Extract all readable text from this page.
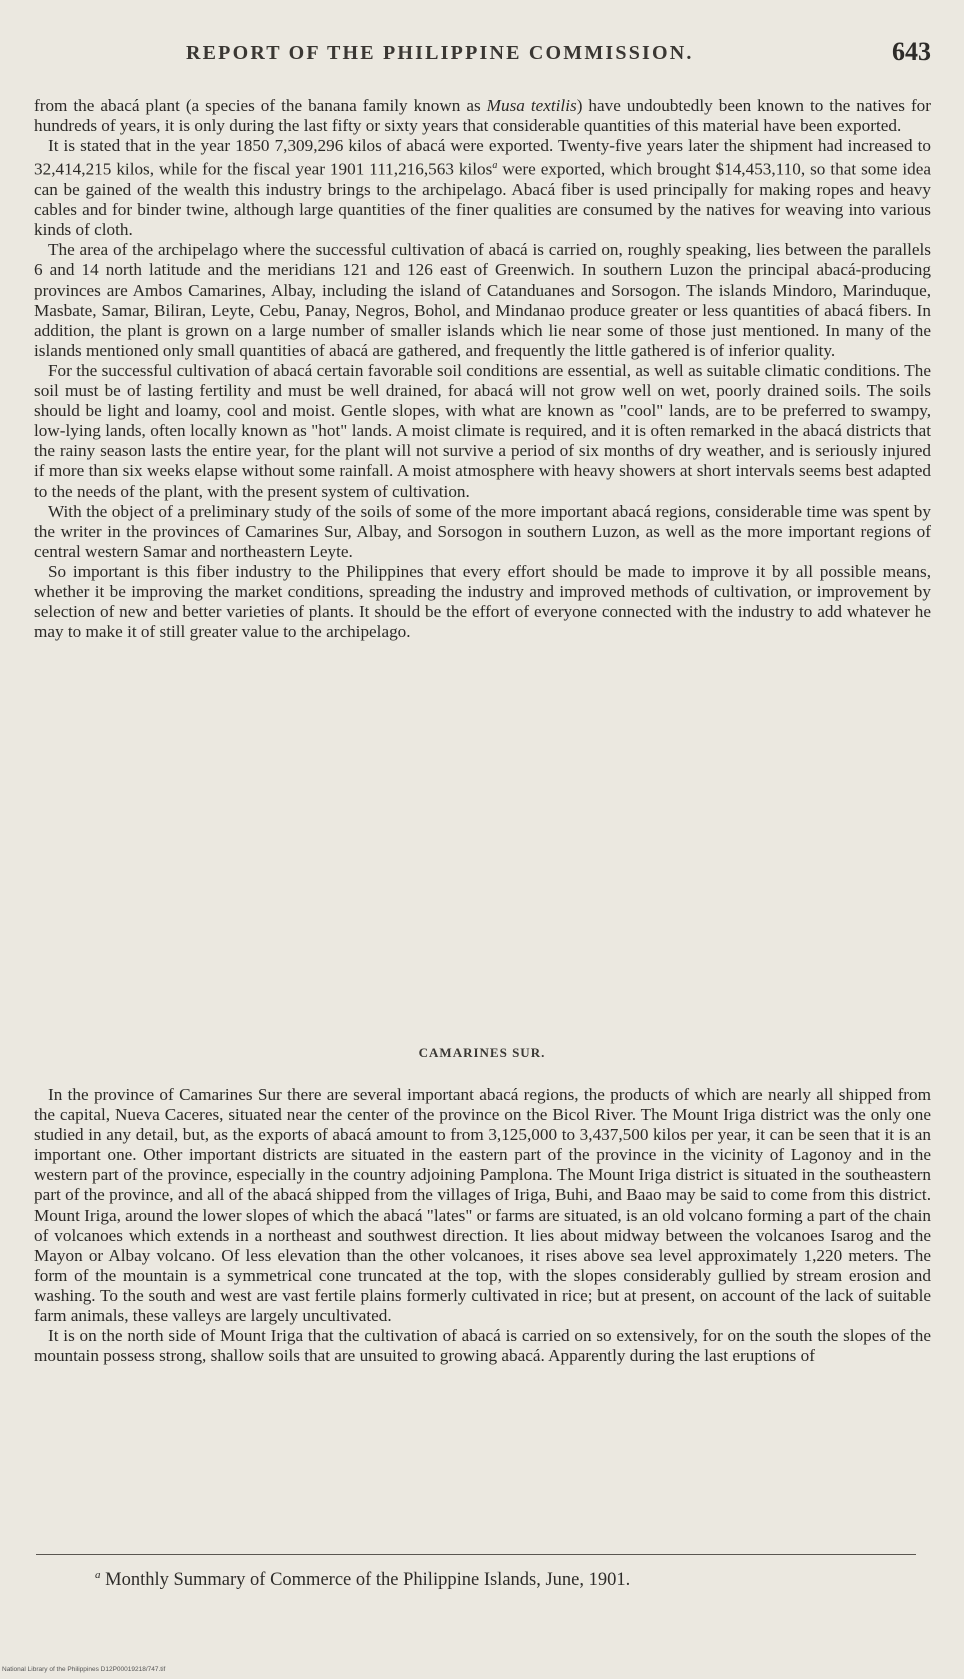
REPORT OF THE PHILIPPINE COMMISSION.	643

from the abacá plant (a species of the banana family known as Musa textilis) have undoubtedly been known to the natives for hundreds of years, it is only during the last fifty or sixty years that considerable quantities of this material have been exported.

It is stated that in the year 1850 7,309,296 kilos of abacá were exported. Twenty-five years later the shipment had increased to 32,414,215 kilos, while for the fiscal year 1901 111,216,563 kilos$^a$ were exported, which brought $14,453,110, so that some idea can be gained of the wealth this industry brings to the archipelago. Abacá fiber is used principally for making ropes and heavy cables and for binder twine, although large quantities of the finer qualities are consumed by the natives for weaving into various kinds of cloth.

The area of the archipelago where the successful cultivation of abacá is carried on, roughly speaking, lies between the parallels 6 and 14 north latitude and the meridians 121 and 126 east of Greenwich. In southern Luzon the principal abacá-producing provinces are Ambos Camarines, Albay, including the island of Catanduanes and Sorsogon. The islands Mindoro, Marinduque, Masbate, Samar, Biliran, Leyte, Cebu, Panay, Negros, Bohol, and Mindanao produce greater or less quantities of abacá fibers. In addition, the plant is grown on a large number of smaller islands which lie near some of those just mentioned. In many of the islands mentioned only small quantities of abacá are gathered, and frequently the little gathered is of inferior quality.

For the successful cultivation of abacá certain favorable soil conditions are essential, as well as suitable climatic conditions. The soil must be of lasting fertility and must be well drained, for abacá will not grow well on wet, poorly drained soils. The soils should be light and loamy, cool and moist. Gentle slopes, with what are known as "cool" lands, are to be preferred to swampy, low-lying lands, often locally known as "hot" lands. A moist climate is required, and it is often remarked in the abacá districts that the rainy season lasts the entire year, for the plant will not survive a period of six months of dry weather, and is seriously injured if more than six weeks elapse without some rainfall. A moist atmosphere with heavy showers at short intervals seems best adapted to the needs of the plant, with the present system of cultivation.

With the object of a preliminary study of the soils of some of the more important abacá regions, considerable time was spent by the writer in the provinces of Camarines Sur, Albay, and Sorsogon in southern Luzon, as well as the more important regions of central western Samar and northeastern Leyte.

So important is this fiber industry to the Philippines that every effort should be made to improve it by all possible means, whether it be improving the market conditions, spreading the industry and improved methods of cultivation, or improvement by selection of new and better varieties of plants. It should be the effort of everyone connected with the industry to add whatever he may to make it of still greater value to the archipelago.

CAMARINES SUR.

In the province of Camarines Sur there are several important abacá regions, the products of which are nearly all shipped from the capital, Nueva Caceres, situated near the center of the province on the Bicol River. The Mount Iriga district was the only one studied in any detail, but, as the exports of abacá amount to from 3,125,000 to 3,437,500 kilos per year, it can be seen that it is an important one. Other important districts are situated in the eastern part of the province in the vicinity of Lagonoy and in the western part of the province, especially in the country adjoining Pamplona. The Mount Iriga district is situated in the southeastern part of the province, and all of the abacá shipped from the villages of Iriga, Buhi, and Baao may be said to come from this district. Mount Iriga, around the lower slopes of which the abacá "lates" or farms are situated, is an old volcano forming a part of the chain of volcanoes which extends in a northeast and southwest direction. It lies about midway between the volcanoes Isarog and the Mayon or Albay volcano. Of less elevation than the other volcanoes, it rises above sea level approximately 1,220 meters. The form of the mountain is a symmetrical cone truncated at the top, with the slopes considerably gullied by stream erosion and washing. To the south and west are vast fertile plains formerly cultivated in rice; but at present, on account of the lack of suitable farm animals, these valleys are largely uncultivated.

It is on the north side of Mount Iriga that the cultivation of abacá is carried on so extensively, for on the south the slopes of the mountain possess strong, shallow soils that are unsuited to growing abacá. Apparently during the last eruptions of

$^a$ Monthly Summary of Commerce of the Philippine Islands, June, 1901.
National Library of the Philippines D12P00019218/747.tif
